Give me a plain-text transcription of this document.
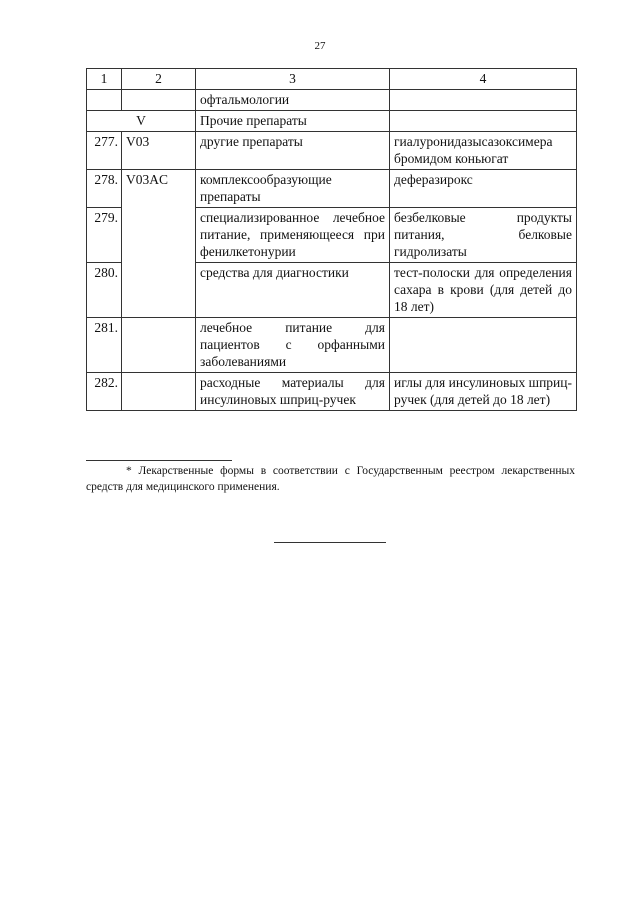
27
1	2	3	4
		офтальмологии	
V		Прочие препараты	
277.	V03	другие препараты	гиалуронидазысазоксимера бромидом коньюгат
278.	V03AC	комплексообразующие препараты	деферазирокс
279.		специализированное лечебное питание, применяющееся при фенилкетонурии	безбелковые продукты питания, белковые гидролизаты
280.		средства для диагностики	тест-полоски для определения сахара в крови (для детей до 18 лет)
281.		лечебное питание для пациентов с орфанными заболеваниями	
282.		расходные материалы для инсулиновых шприц-ручек	иглы для инсулиновых шприц-ручек (для детей до 18 лет)
* Лекарственные формы в соответствии с Государственным реестром лекарственных средств для медицинского применения.
